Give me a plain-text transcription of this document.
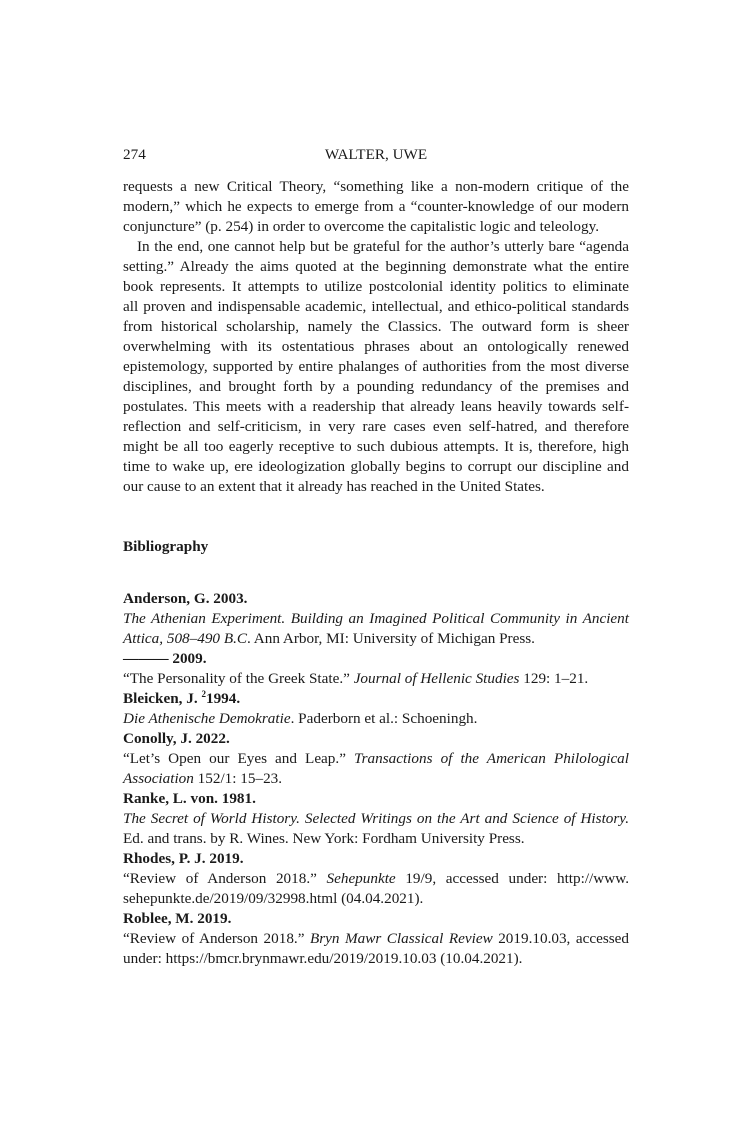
274	WALTER, UWE
requests a new Critical Theory, “something like a non-modern critique of the
modern,” which he expects to emerge from a “counter-knowledge of our modern
conjuncture” (p. 254) in order to overcome the capitalistic logic and teleology.
In the end, one cannot help but be grateful for the author’s utterly bare “agenda
setting.” Already the aims quoted at the beginning demonstrate what the entire
book represents. It attempts to utilize postcolonial identity politics to eliminate
all proven and indispensable academic, intellectual, and ethico-political standards
from historical scholarship, namely the Classics. The outward form is sheer
overwhelming with its ostentatious phrases about an ontologically renewed
epistemology, supported by entire phalanges of authorities from the most diverse
disciplines, and brought forth by a pounding redundancy of the premises and
postulates. This meets with a readership that already leans heavily towards self-
reflection and self-criticism, in very rare cases even self-hatred, and therefore
might be all too eagerly receptive to such dubious attempts. It is, therefore, high
time to wake up, ere ideologization globally begins to corrupt our discipline and
our cause to an extent that it already has reached in the United States.
Bibliography
Anderson, G. 2003.
The Athenian Experiment. Building an Imagined Political Community in Ancient
Attica, 508–490 B.C. Ann Arbor, MI: University of Michigan Press.
——— 2009.
“The Personality of the Greek State.” Journal of Hellenic Studies 129: 1–21.
Bleicken, J. $^2$1994.
Die Athenische Demokratie. Paderborn et al.: Schoeningh.
Conolly, J. 2022.
“Let’s Open our Eyes and Leap.” Transactions of the American Philological
Association 152/1: 15–23.
Ranke, L. von. 1981.
The Secret of World History. Selected Writings on the Art and Science of History.
Ed. and trans. by R. Wines. New York: Fordham University Press.
Rhodes, P. J. 2019.
“Review of Anderson 2018.” Sehepunkte 19/9, accessed under: http://www.
sehepunkte.de/2019/09/32998.html (04.04.2021).
Roblee, M. 2019.
“Review of Anderson 2018.” Bryn Mawr Classical Review 2019.10.03, accessed
under: https://bmcr.brynmawr.edu/2019/2019.10.03 (10.04.2021).
